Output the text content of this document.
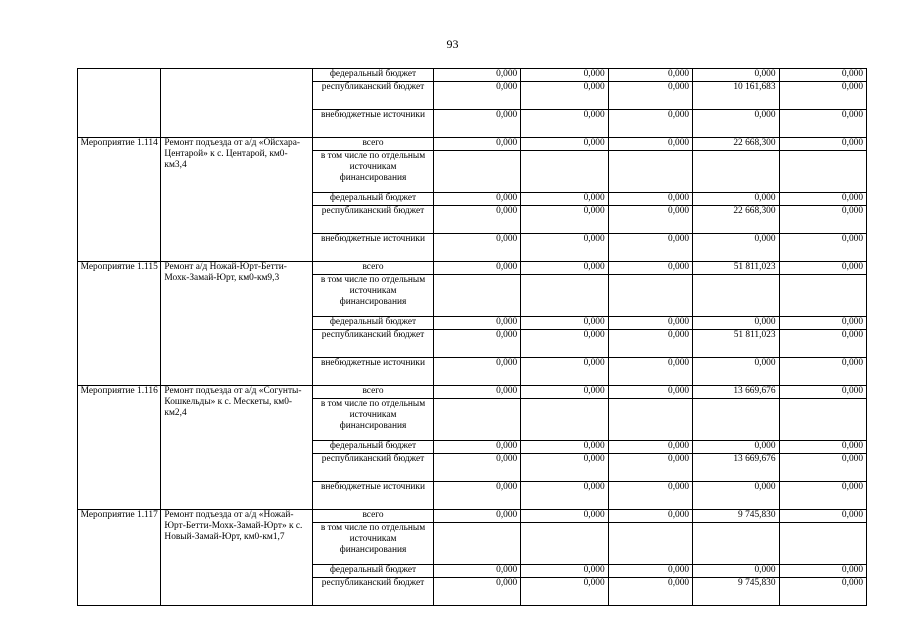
93
		федеральный бюджет	0,000	0,000	0,000	0,000	0,000
		республиканский бюджет	0,000	0,000	0,000	10 161,683	0,000
		внебюджетные источники	0,000	0,000	0,000	0,000	0,000
Мероприятие 1.114	Ремонт подъезда от а/д «Ойсхара-Центарой» к с. Центарой, км0-км3,4	всего	0,000	0,000	0,000	22 668,300	0,000
		в том числе по отдельным источникам финансирования					
		федеральный бюджет	0,000	0,000	0,000	0,000	0,000
		республиканский бюджет	0,000	0,000	0,000	22 668,300	0,000
		внебюджетные источники	0,000	0,000	0,000	0,000	0,000
Мероприятие 1.115	Ремонт а/д Ножай-Юрт-Бетти-Мохк-Замай-Юрт, км0-км9,3	всего	0,000	0,000	0,000	51 811,023	0,000
		в том числе по отдельным источникам финансирования					
		федеральный бюджет	0,000	0,000	0,000	0,000	0,000
		республиканский бюджет	0,000	0,000	0,000	51 811,023	0,000
		внебюджетные источники	0,000	0,000	0,000	0,000	0,000
Мероприятие 1.116	Ремонт подъезда от а/д «Согунты-Кошкельды» к с. Мескеты, км0-км2,4	всего	0,000	0,000	0,000	13 669,676	0,000
		в том числе по отдельным источникам финансирования					
		федеральный бюджет	0,000	0,000	0,000	0,000	0,000
		республиканский бюджет	0,000	0,000	0,000	13 669,676	0,000
		внебюджетные источники	0,000	0,000	0,000	0,000	0,000
Мероприятие 1.117	Ремонт подъезда от а/д «Ножай-Юрт-Бетти-Мохк-Замай-Юрт» к с. Новый-Замай-Юрт, км0-км1,7	всего	0,000	0,000	0,000	9 745,830	0,000
		в том числе по отдельным источникам финансирования					
		федеральный бюджет	0,000	0,000	0,000	0,000	0,000
		республиканский бюджет	0,000	0,000	0,000	9 745,830	0,000
